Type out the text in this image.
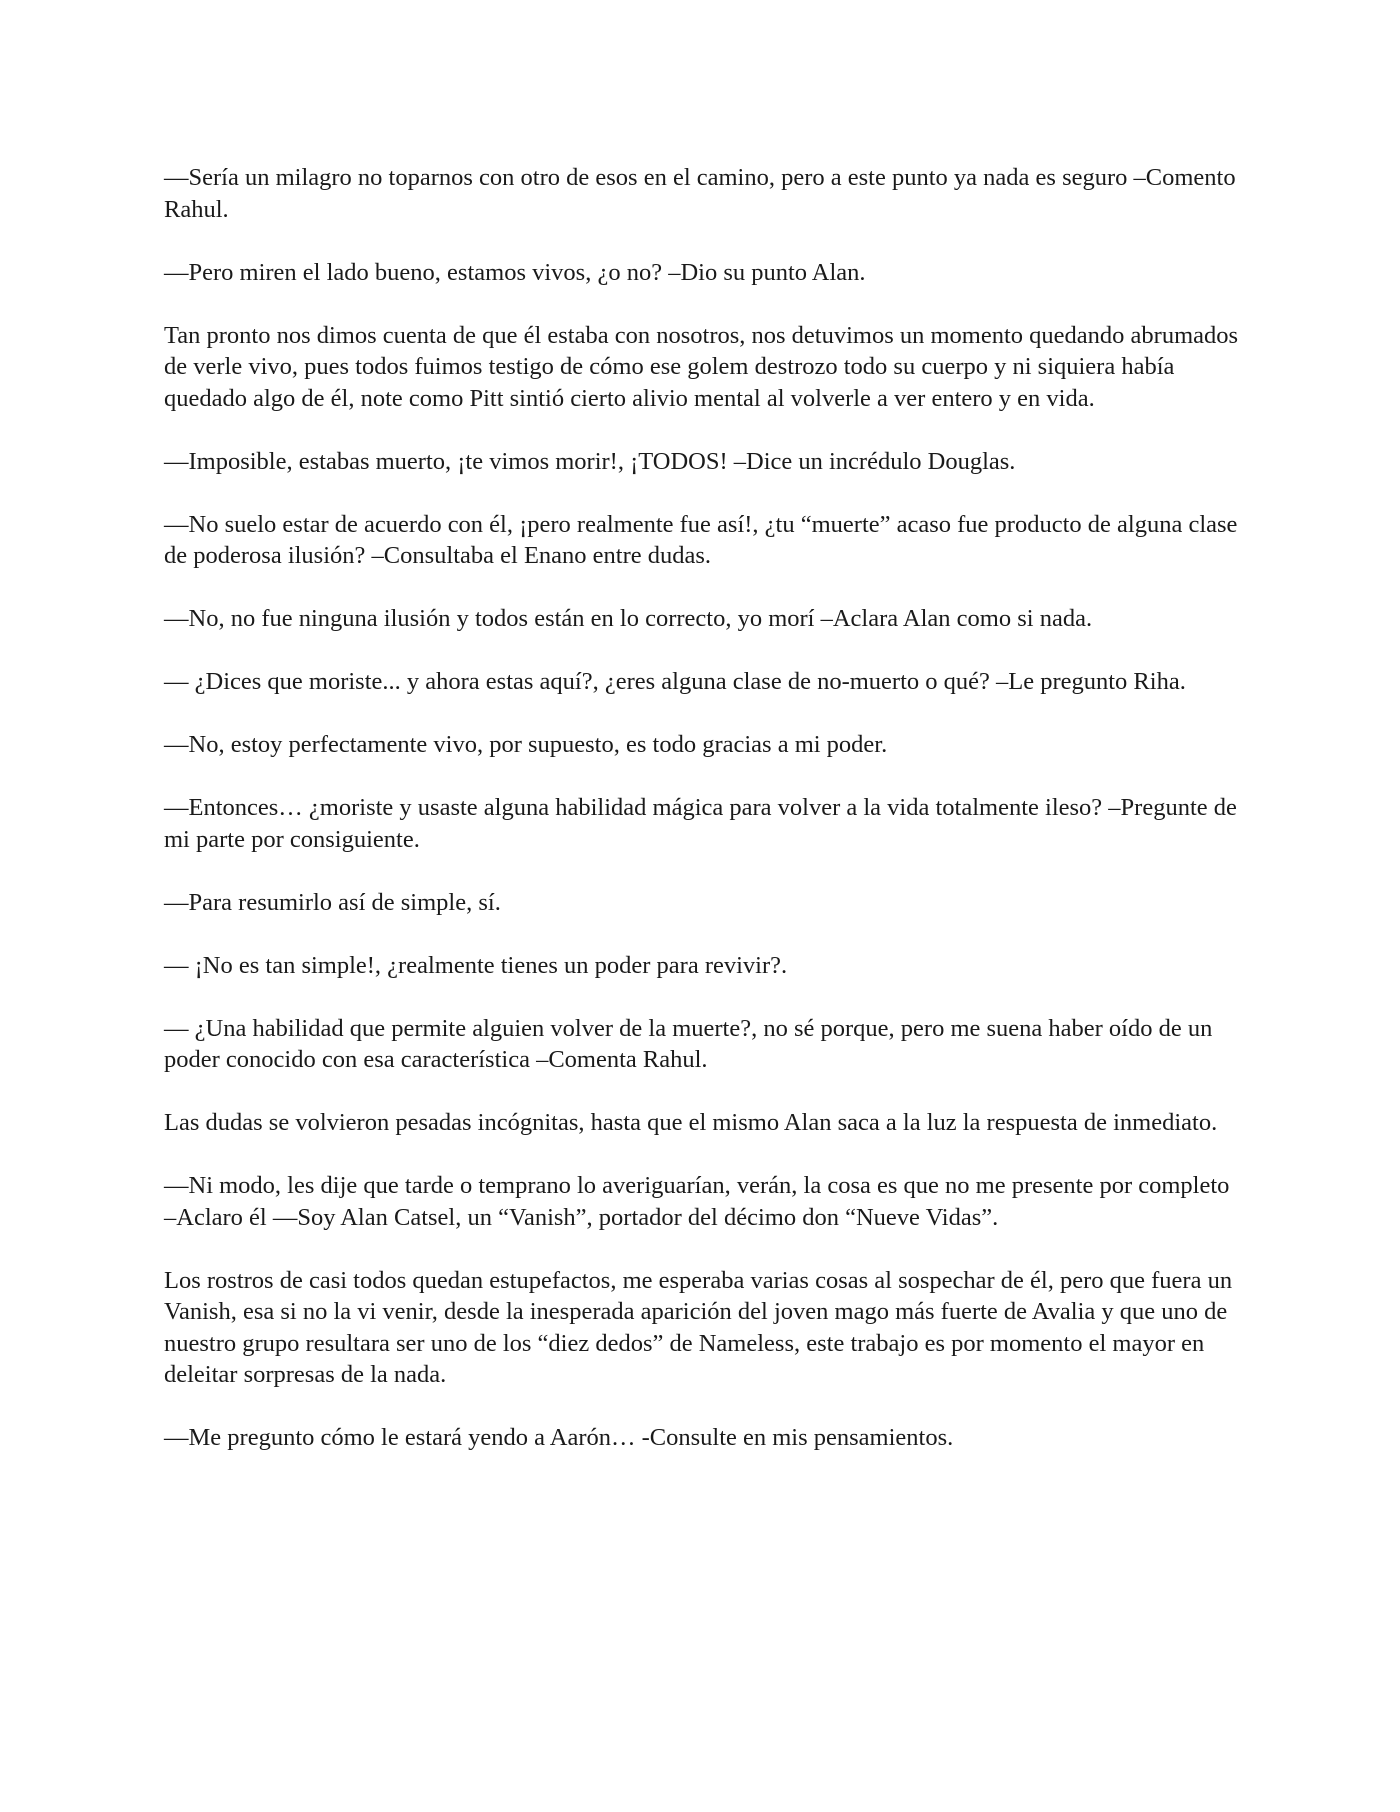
—Sería un milagro no toparnos con otro de esos en el camino, pero a este punto ya nada es seguro –Comento Rahul.

—Pero miren el lado bueno, estamos vivos, ¿o no? –Dio su punto Alan.

Tan pronto nos dimos cuenta de que él estaba con nosotros, nos detuvimos un momento quedando abrumados de verle vivo, pues todos fuimos testigo de cómo ese golem destrozo todo su cuerpo y ni siquiera había quedado algo de él, note como Pitt sintió cierto alivio mental al volverle a ver entero y en vida.

—Imposible, estabas muerto, ¡te vimos morir!, ¡TODOS! –Dice un incrédulo Douglas.

—No suelo estar de acuerdo con él, ¡pero realmente fue así!, ¿tu “muerte” acaso fue producto de alguna clase de poderosa ilusión? –Consultaba el Enano entre dudas.

—No, no fue ninguna ilusión y todos están en lo correcto, yo morí –Aclara Alan como si nada.

— ¿Dices que moriste... y ahora estas aquí?, ¿eres alguna clase de no-muerto o qué? –Le pregunto Riha.

—No, estoy perfectamente vivo, por supuesto, es todo gracias a mi poder.

—Entonces… ¿moriste y usaste alguna habilidad mágica para volver a la vida totalmente ileso? –Pregunte de mi parte por consiguiente.

—Para resumirlo así de simple, sí.

— ¡No es tan simple!, ¿realmente tienes un poder para revivir?.

— ¿Una habilidad que permite alguien volver de la muerte?, no sé porque, pero me suena haber oído de un poder conocido con esa característica –Comenta Rahul.

Las dudas se volvieron pesadas incógnitas, hasta que el mismo Alan saca a la luz la respuesta de inmediato.

—Ni modo, les dije que tarde o temprano lo averiguarían, verán, la cosa es que no me presente por completo –Aclaro él —Soy Alan Catsel, un “Vanish”, portador del décimo don “Nueve Vidas”.

Los rostros de casi todos quedan estupefactos, me esperaba varias cosas al sospechar de él, pero que fuera un Vanish, esa si no la vi venir, desde la inesperada aparición del joven mago más fuerte de Avalia y que uno de nuestro grupo resultara ser uno de los “diez dedos” de Nameless, este trabajo es por momento el mayor en deleitar sorpresas de la nada.

—Me pregunto cómo le estará yendo a Aarón… -Consulte en mis pensamientos.
